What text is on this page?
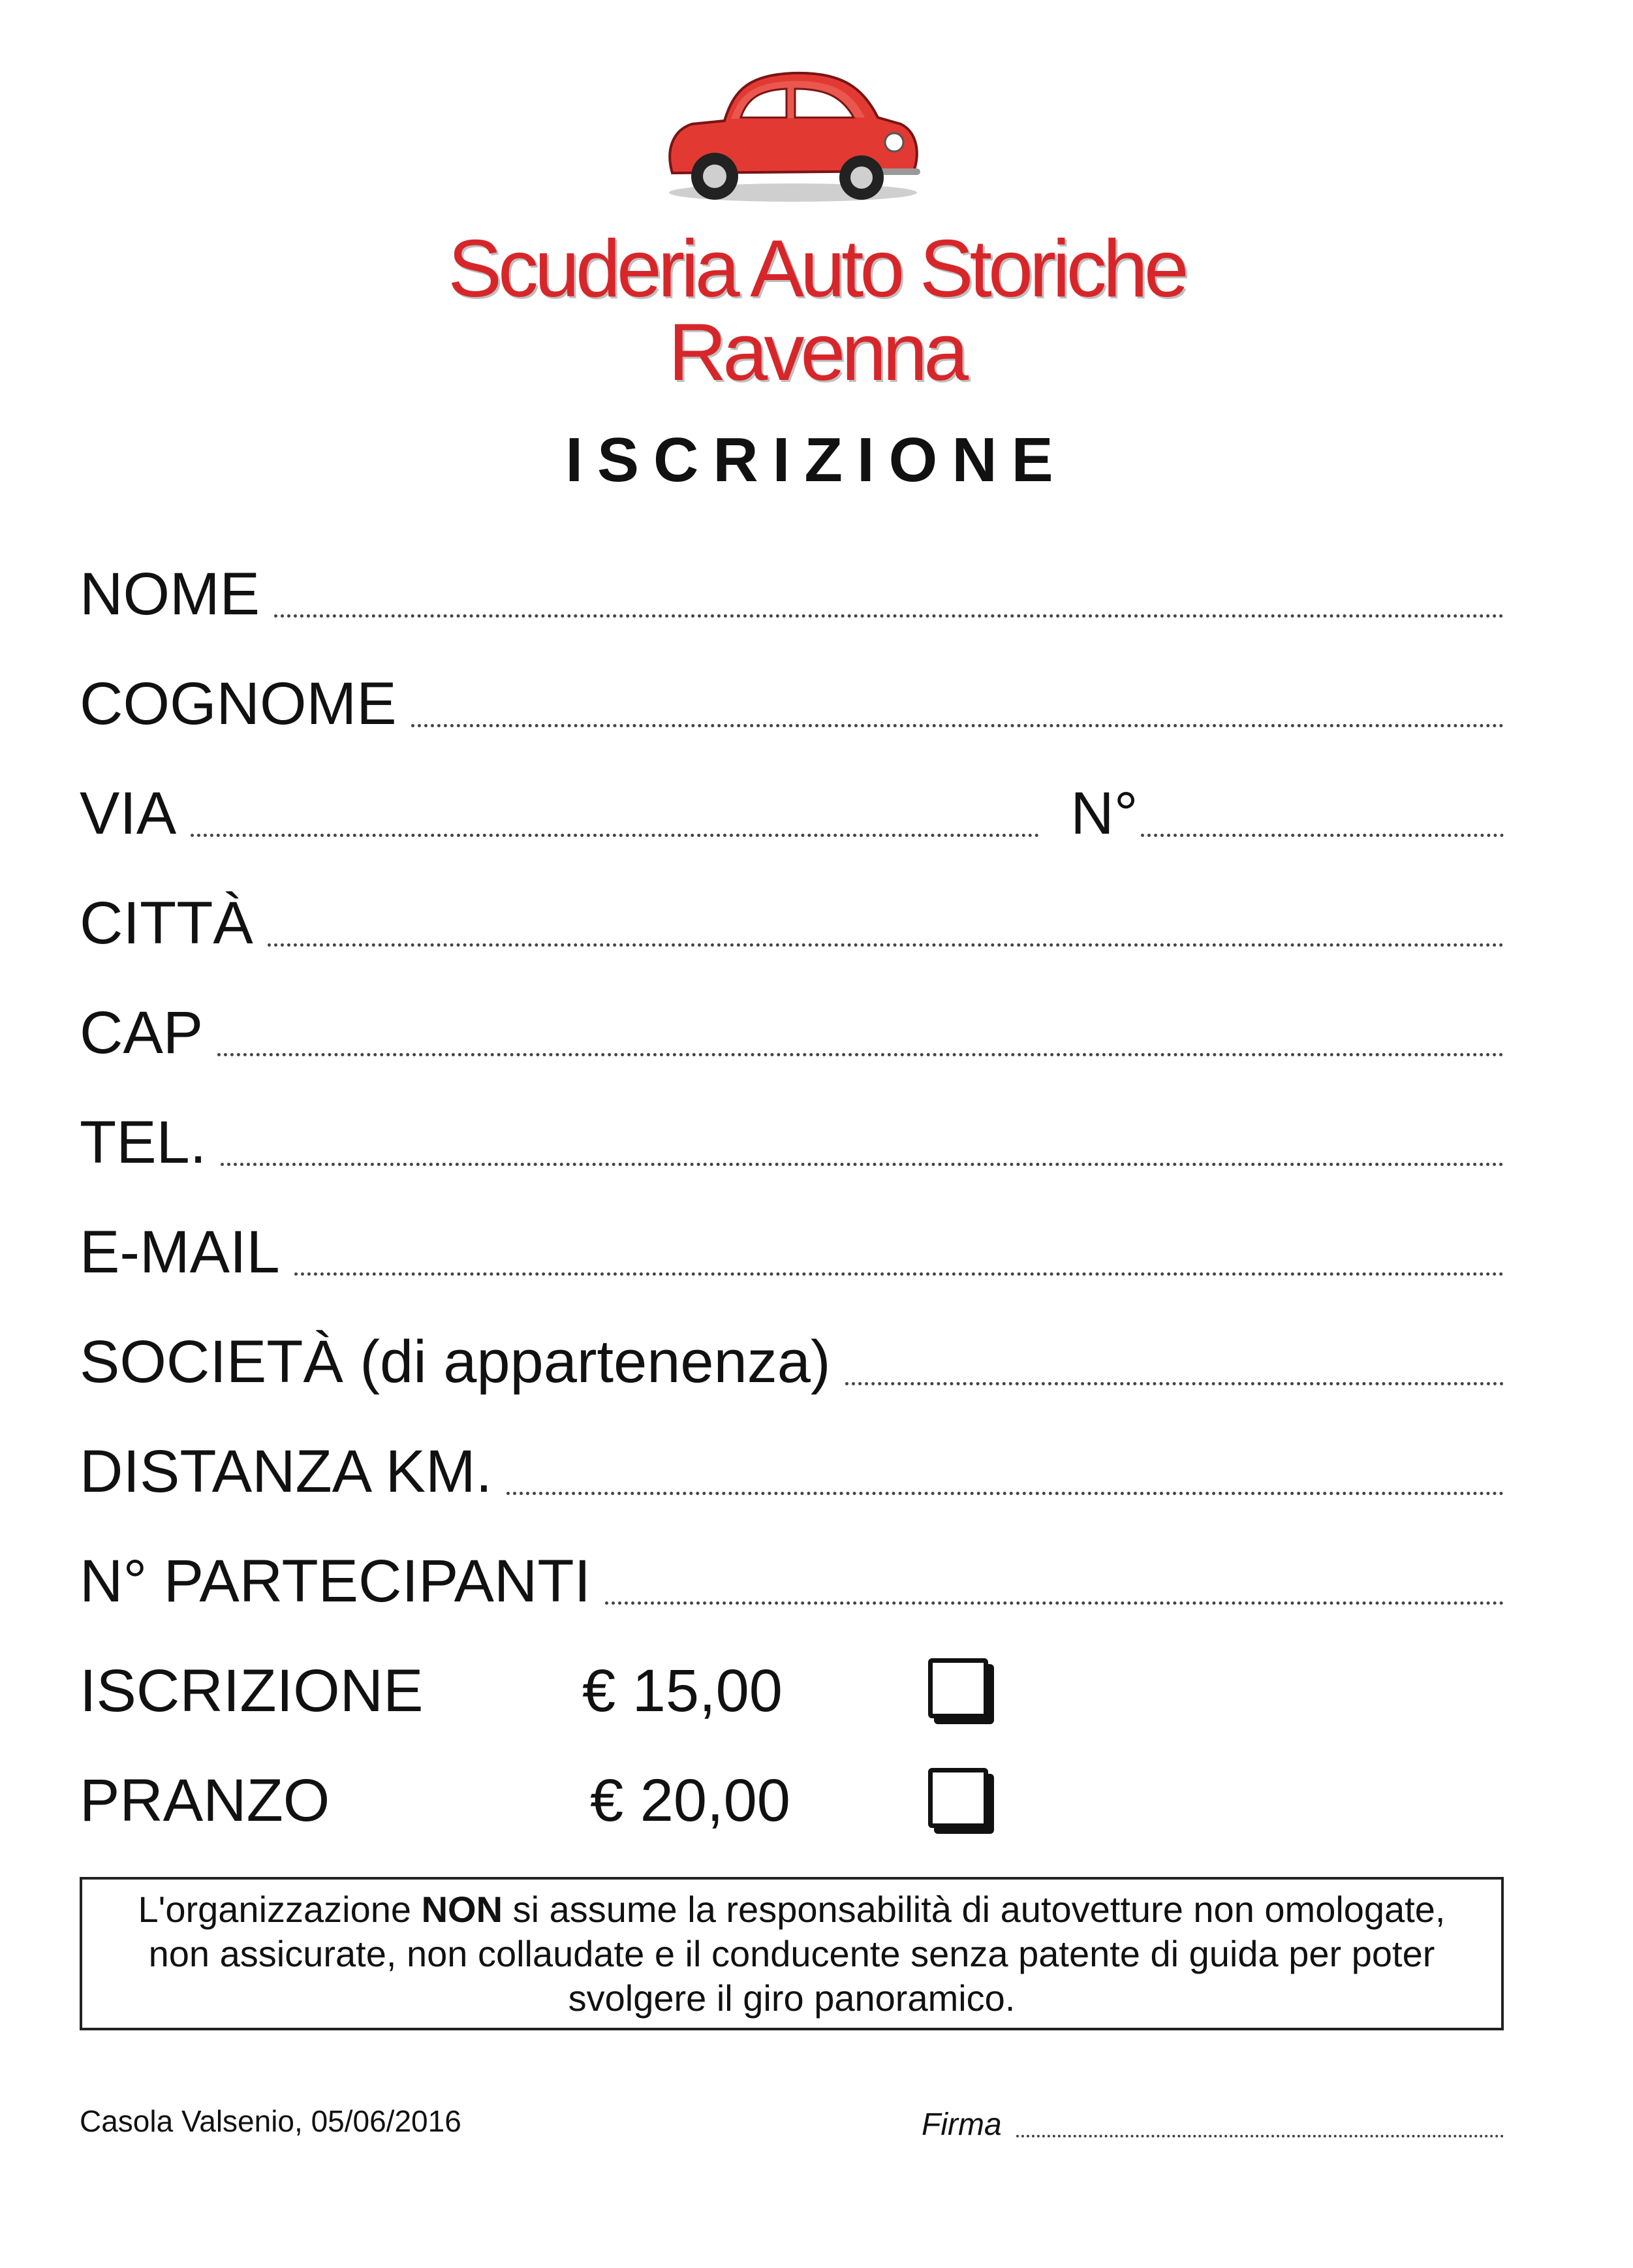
Scuderia Auto Storiche
Ravenna
ISCRIZIONE
NOME
COGNOME
VIA	N°
CITTÀ
CAP
TEL.
E-MAIL
SOCIETÀ (di appartenenza)
DISTANZA KM.
N° PARTECIPANTI
ISCRIZIONE	€ 15,00
PRANZO	€ 20,00
L'organizzazione NON si assume la responsabilità di autovetture non omologate, non assicurate, non collaudate e il conducente senza patente di guida per poter svolgere il giro panoramico.
Casola Valsenio, 05/06/2016	Firma
